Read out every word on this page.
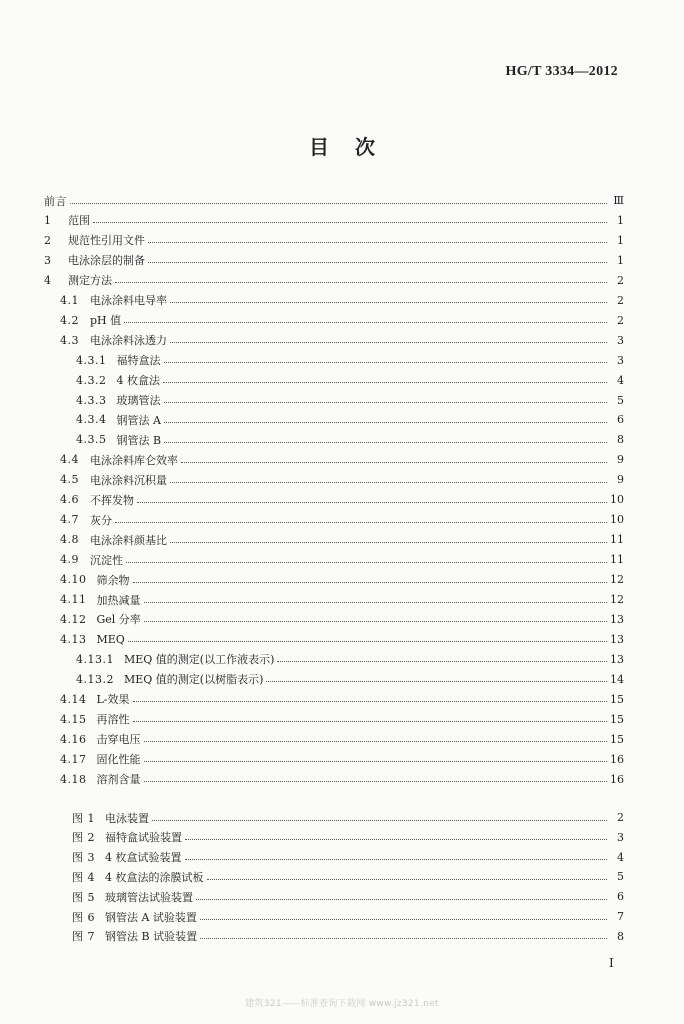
HG/T 3334—2012
目 次
前言	Ⅲ
1	范围	1
2	规范性引用文件	1
3	电泳涂层的制备	1
4	测定方法	2
4.1 电泳涂料电导率	2
4.2 pH 值	2
4.3 电泳涂料泳透力	3
4.3.1 福特盒法	3
4.3.2 4 枚盒法	4
4.3.3 玻璃管法	5
4.3.4 钢管法 A	6
4.3.5 钢管法 B	8
4.4 电泳涂料库仑效率	9
4.5 电泳涂料沉积量	9
4.6 不挥发物	10
4.7 灰分	10
4.8 电泳涂料颜基比	11
4.9 沉淀性	11
4.10 筛余物	12
4.11 加热减量	12
4.12 Gel 分率	13
4.13 MEQ	13
4.13.1 MEQ 值的测定(以工作液表示)	13
4.13.2 MEQ 值的测定(以树脂表示)	14
4.14 L-效果	15
4.15 再溶性	15
4.16 击穿电压	15
4.17 固化性能	16
4.18 溶剂含量	16
图 1 电泳装置	2
图 2 福特盒试验装置	3
图 3 4 枚盒试验装置	4
图 4 4 枚盒法的涂膜试板	5
图 5 玻璃管法试验装置	6
图 6 钢管法 A 试验装置	7
图 7 钢管法 B 试验装置	8
Ⅰ
建筑321——标准查询下载网 www.jz321.net
